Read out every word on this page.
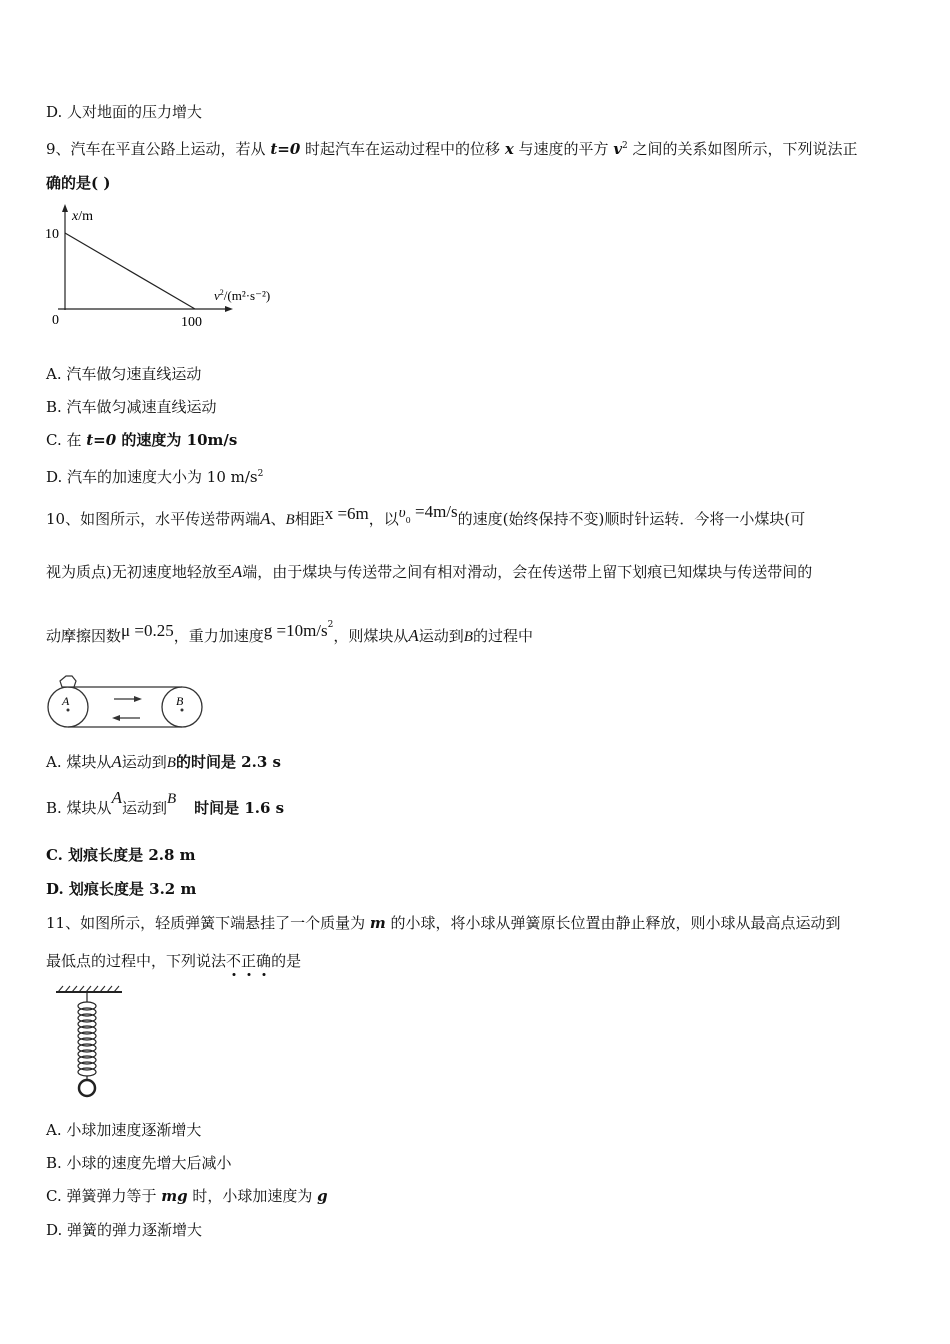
D. 人对地面的压力增大
9、汽车在平直公路上运动，若从 t=0 时起汽车在运动过程中的位移 x 与速度的平方 $v^2$ 之间的关系如图所示，下列说法正
确的是( )
x/m
10
0	100
$v^2/(m^2\cdot s^{-2})$
A. 汽车做匀速直线运动
B. 汽车做匀减速直线运动
C. 在 t=0 的速度为 10m/s
D. 汽车的加速度大小为 10 $m/s^2$
10、如图所示，水平传送带两端A、B相距x =6m，以$\upsilon_0 =4m/s$的速度(始终保持不变)顺时针运转．今将一小煤块(可
视为质点)无初速度地轻放至A端，由于煤块与传送带之间有相对滑动，会在传送带上留下划痕已知煤块与传送带间的
动摩擦因数μ =0.25，重力加速度$g =10m/s^2$，则煤块从A运动到B的过程中
A	B
A. 煤块从A运动到B的时间是 2.3 s
B. 煤块从A运动到B 时间是 1.6 s
C. 划痕长度是 2.8 m
D. 划痕长度是 3.2 m
11、如图所示，轻质弹簧下端悬挂了一个质量为 m 的小球，将小球从弹簧原长位置由静止释放，则小球从最高点运动到
最低点的过程中，下列说法不正确的是
A. 小球加速度逐渐增大
B. 小球的速度先增大后减小
C. 弹簧弹力等于 mg 时，小球加速度为 g
D. 弹簧的弹力逐渐增大
